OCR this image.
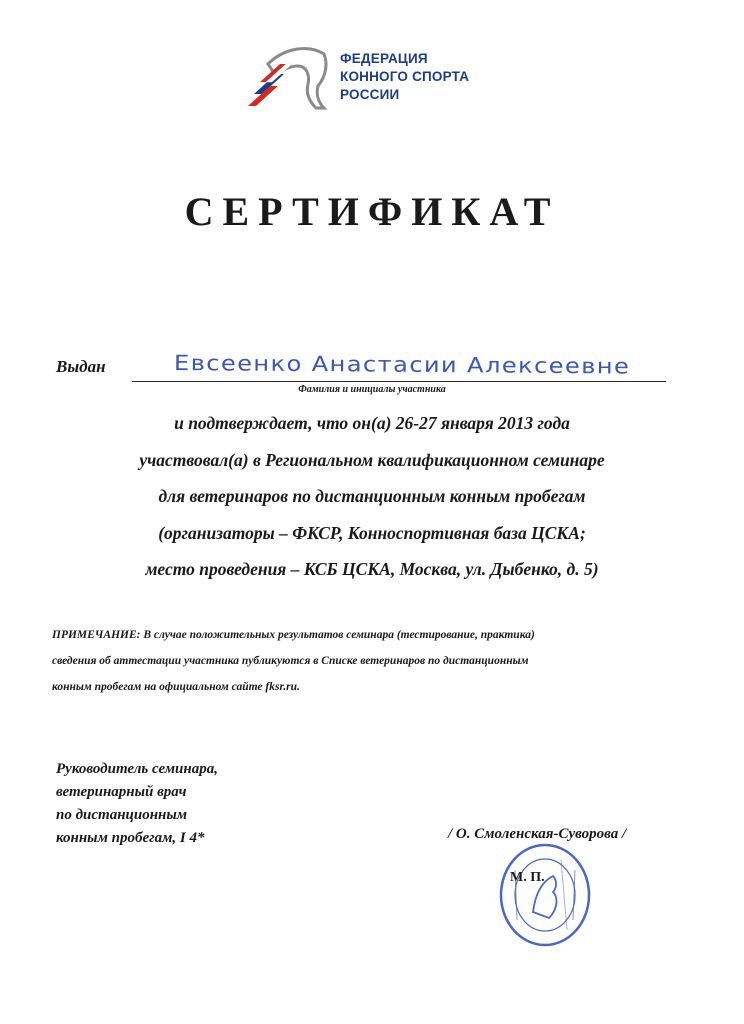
ФЕДЕРАЦИЯ
КОННОГО СПОРТА
РОССИИ
СЕРТИФИКАТ
Выдан	Евсеенко Анастасии Алексеевне
Фамилия и инициалы участника
и подтверждает, что он(а) 26-27 января 2013 года
участвовал(а) в Региональном квалификационном семинаре
для ветеринаров по дистанционным конным пробегам
(организаторы – ФКСР, Конноспортивная база ЦСКА;
место проведения – КСБ ЦСКА, Москва, ул. Дыбенко, д. 5)
ПРИМЕЧАНИЕ: В случае положительных результатов семинара (тестирование, практика)
сведения об аттестации участника публикуются в Списке ветеринаров по дистанционным
конным пробегам на официальном сайте fksr.ru.
Руководитель семинара,
ветеринарный врач
по дистанционным
конным пробегам, I 4*	/ О. Смоленская-Суворова /
М. П.
